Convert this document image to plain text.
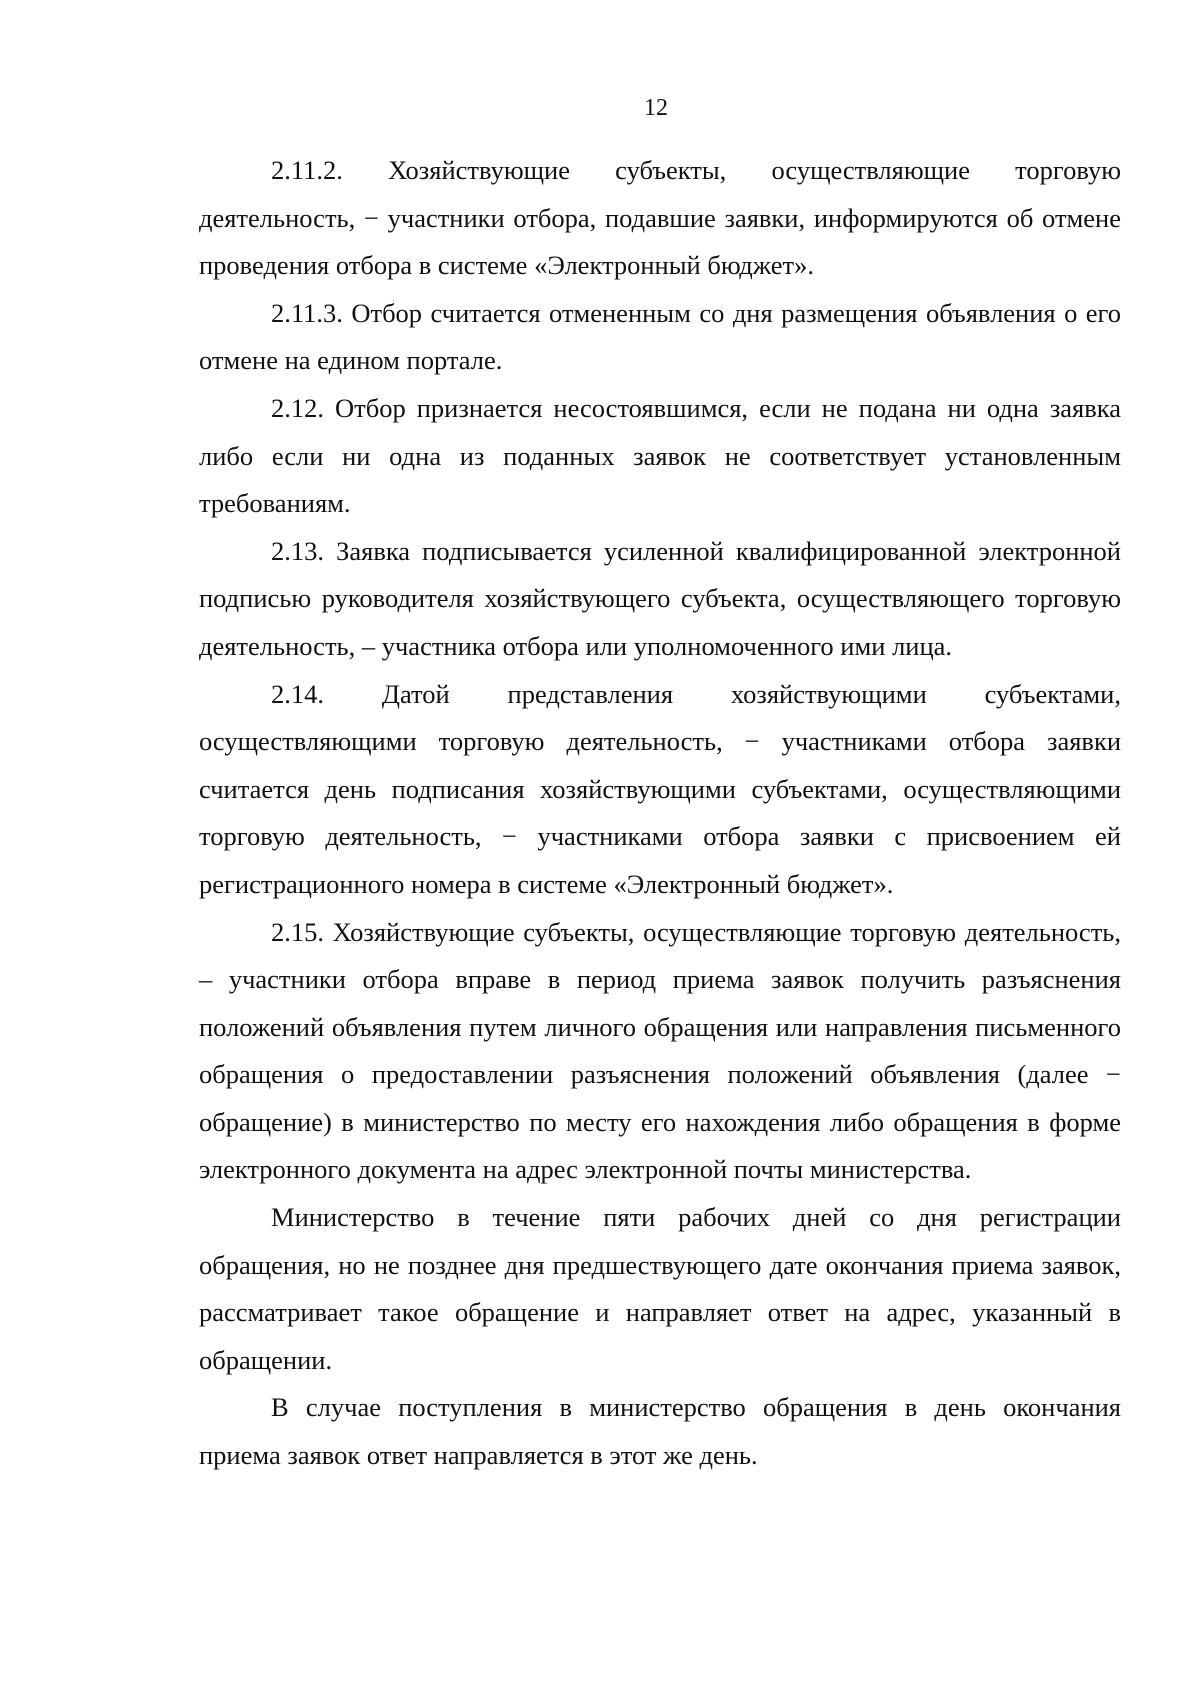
12

2.11.2. Хозяйствующие субъекты, осуществляющие торговую деятельность, − участники отбора, подавшие заявки, информируются об отмене проведения отбора в системе «Электронный бюджет».

2.11.3. Отбор считается отмененным со дня размещения объявления о его отмене на едином портале.

2.12. Отбор признается несостоявшимся, если не подана ни одна заявка либо если ни одна из поданных заявок не соответствует установленным требованиям.

2.13. Заявка подписывается усиленной квалифицированной электронной подписью руководителя хозяйствующего субъекта, осуществляющего торговую деятельность, – участника отбора или уполномоченного ими лица.

2.14. Датой представления хозяйствующими субъектами, осуществляющими торговую деятельность, − участниками отбора заявки считается день подписания хозяйствующими субъектами, осуществляющими торговую деятельность, − участниками отбора заявки с присвоением ей регистрационного номера в системе «Электронный бюджет».

2.15. Хозяйствующие субъекты, осуществляющие торговую деятельность, – участники отбора вправе в период приема заявок получить разъяснения положений объявления путем личного обращения или направления письменного обращения о предоставлении разъяснения положений объявления (далее − обращение) в министерство по месту его нахождения либо обращения в форме электронного документа на адрес электронной почты министерства.

Министерство в течение пяти рабочих дней со дня регистрации обращения, но не позднее дня предшествующего дате окончания приема заявок, рассматривает такое обращение и направляет ответ на адрес, указанный в обращении.

В случае поступления в министерство обращения в день окончания приема заявок ответ направляется в этот же день.
